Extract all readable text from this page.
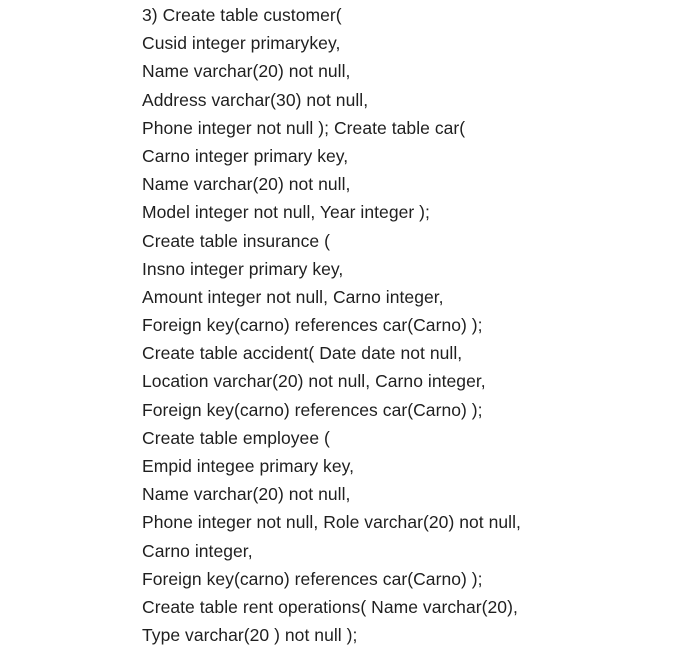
3) Create table customer(
Cusid integer primarykey,
Name varchar(20) not null,
Address varchar(30) not null,
Phone integer not null ); Create table car(
Carno integer primary key,
Name varchar(20) not null,
Model integer not null, Year integer );
Create table insurance (
Insno integer primary key,
Amount integer not null, Carno integer,
Foreign key(carno) references car(Carno) );
Create table accident( Date date not null,
Location varchar(20) not null, Carno integer,
Foreign key(carno) references car(Carno) );
Create table employee (
Empid integee primary key,
Name varchar(20) not null,
Phone integer not null, Role varchar(20) not null,
Carno integer,
Foreign key(carno) references car(Carno) );
Create table rent operations( Name varchar(20),
Type varchar(20 ) not null );
